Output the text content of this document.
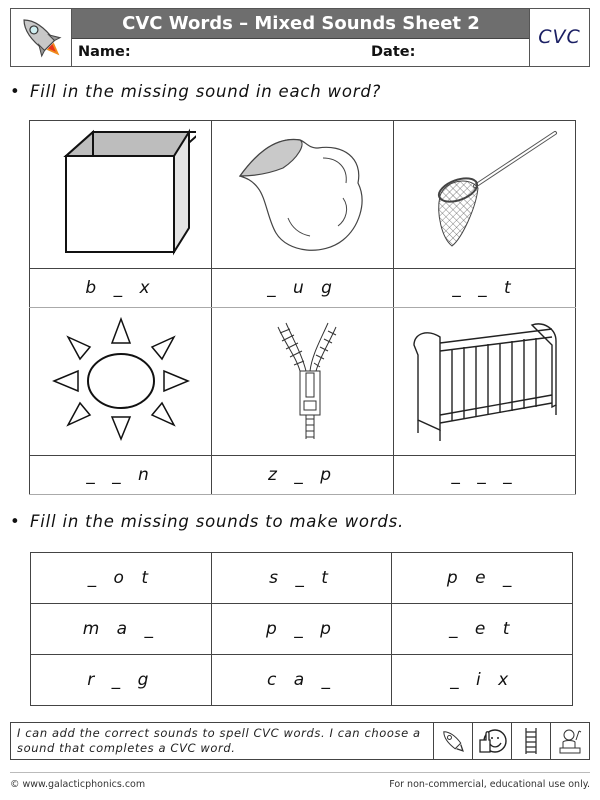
CVC Words – Mixed Sounds Sheet 2
Name:	Date:
CVC
• Fill in the missing sound in each word?

b _ x	_ u g	_ _ t

_ _ n	z _ p	_ _ _
• Fill in the missing sounds to make words.
_ o t	s _ t	p e _
m a _	p _ p	_ e t
r _ g	c a _	_ i x
I can add the correct sounds to spell CVC words. I can choose a sound that completes a CVC word.
© www.galacticphonics.com	For non-commercial, educational use only.
